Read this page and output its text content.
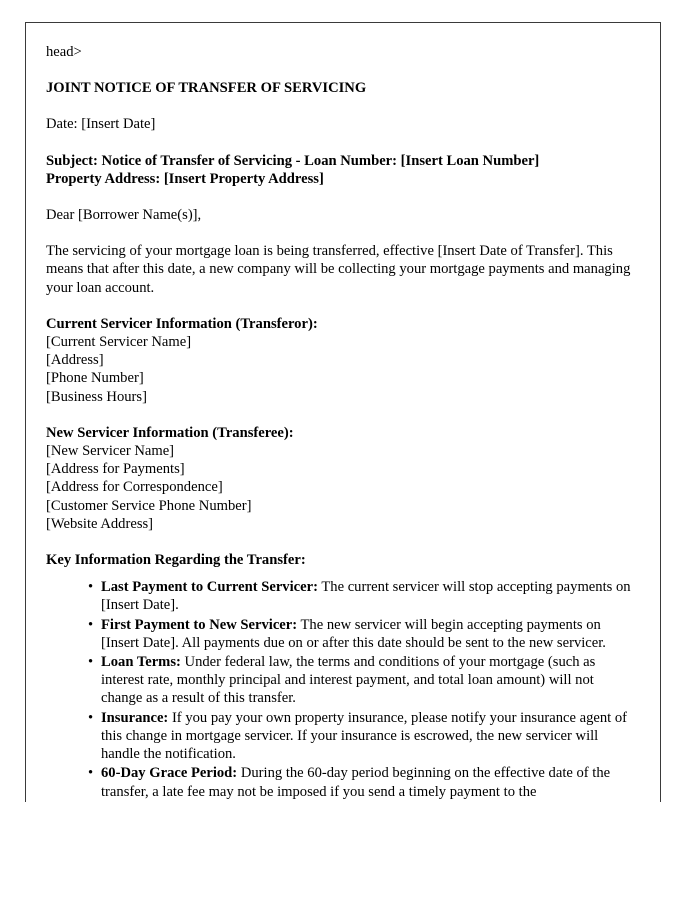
head>

JOINT NOTICE OF TRANSFER OF SERVICING

Date: [Insert Date]

Subject: Notice of Transfer of Servicing - Loan Number: [Insert Loan Number]
Property Address: [Insert Property Address]

Dear [Borrower Name(s)],

The servicing of your mortgage loan is being transferred, effective [Insert Date of Transfer]. This means that after this date, a new company will be collecting your mortgage payments and managing your loan account.

Current Servicer Information (Transferor):
[Current Servicer Name]
[Address]
[Phone Number]
[Business Hours]
New Servicer Information (Transferee):
[New Servicer Name]
[Address for Payments]
[Address for Correspondence]
[Customer Service Phone Number]
[Website Address]
Key Information Regarding the Transfer:
• Last Payment to Current Servicer: The current servicer will stop accepting payments on [Insert Date].
• First Payment to New Servicer: The new servicer will begin accepting payments on [Insert Date]. All payments due on or after this date should be sent to the new servicer.
• Loan Terms: Under federal law, the terms and conditions of your mortgage (such as interest rate, monthly principal and interest payment, and total loan amount) will not change as a result of this transfer.
• Insurance: If you pay your own property insurance, please notify your insurance agent of this change in mortgage servicer. If your insurance is escrowed, the new servicer will handle the notification.
• 60-Day Grace Period: During the 60-day period beginning on the effective date of the transfer, a late fee may not be imposed if you send a timely payment to the
